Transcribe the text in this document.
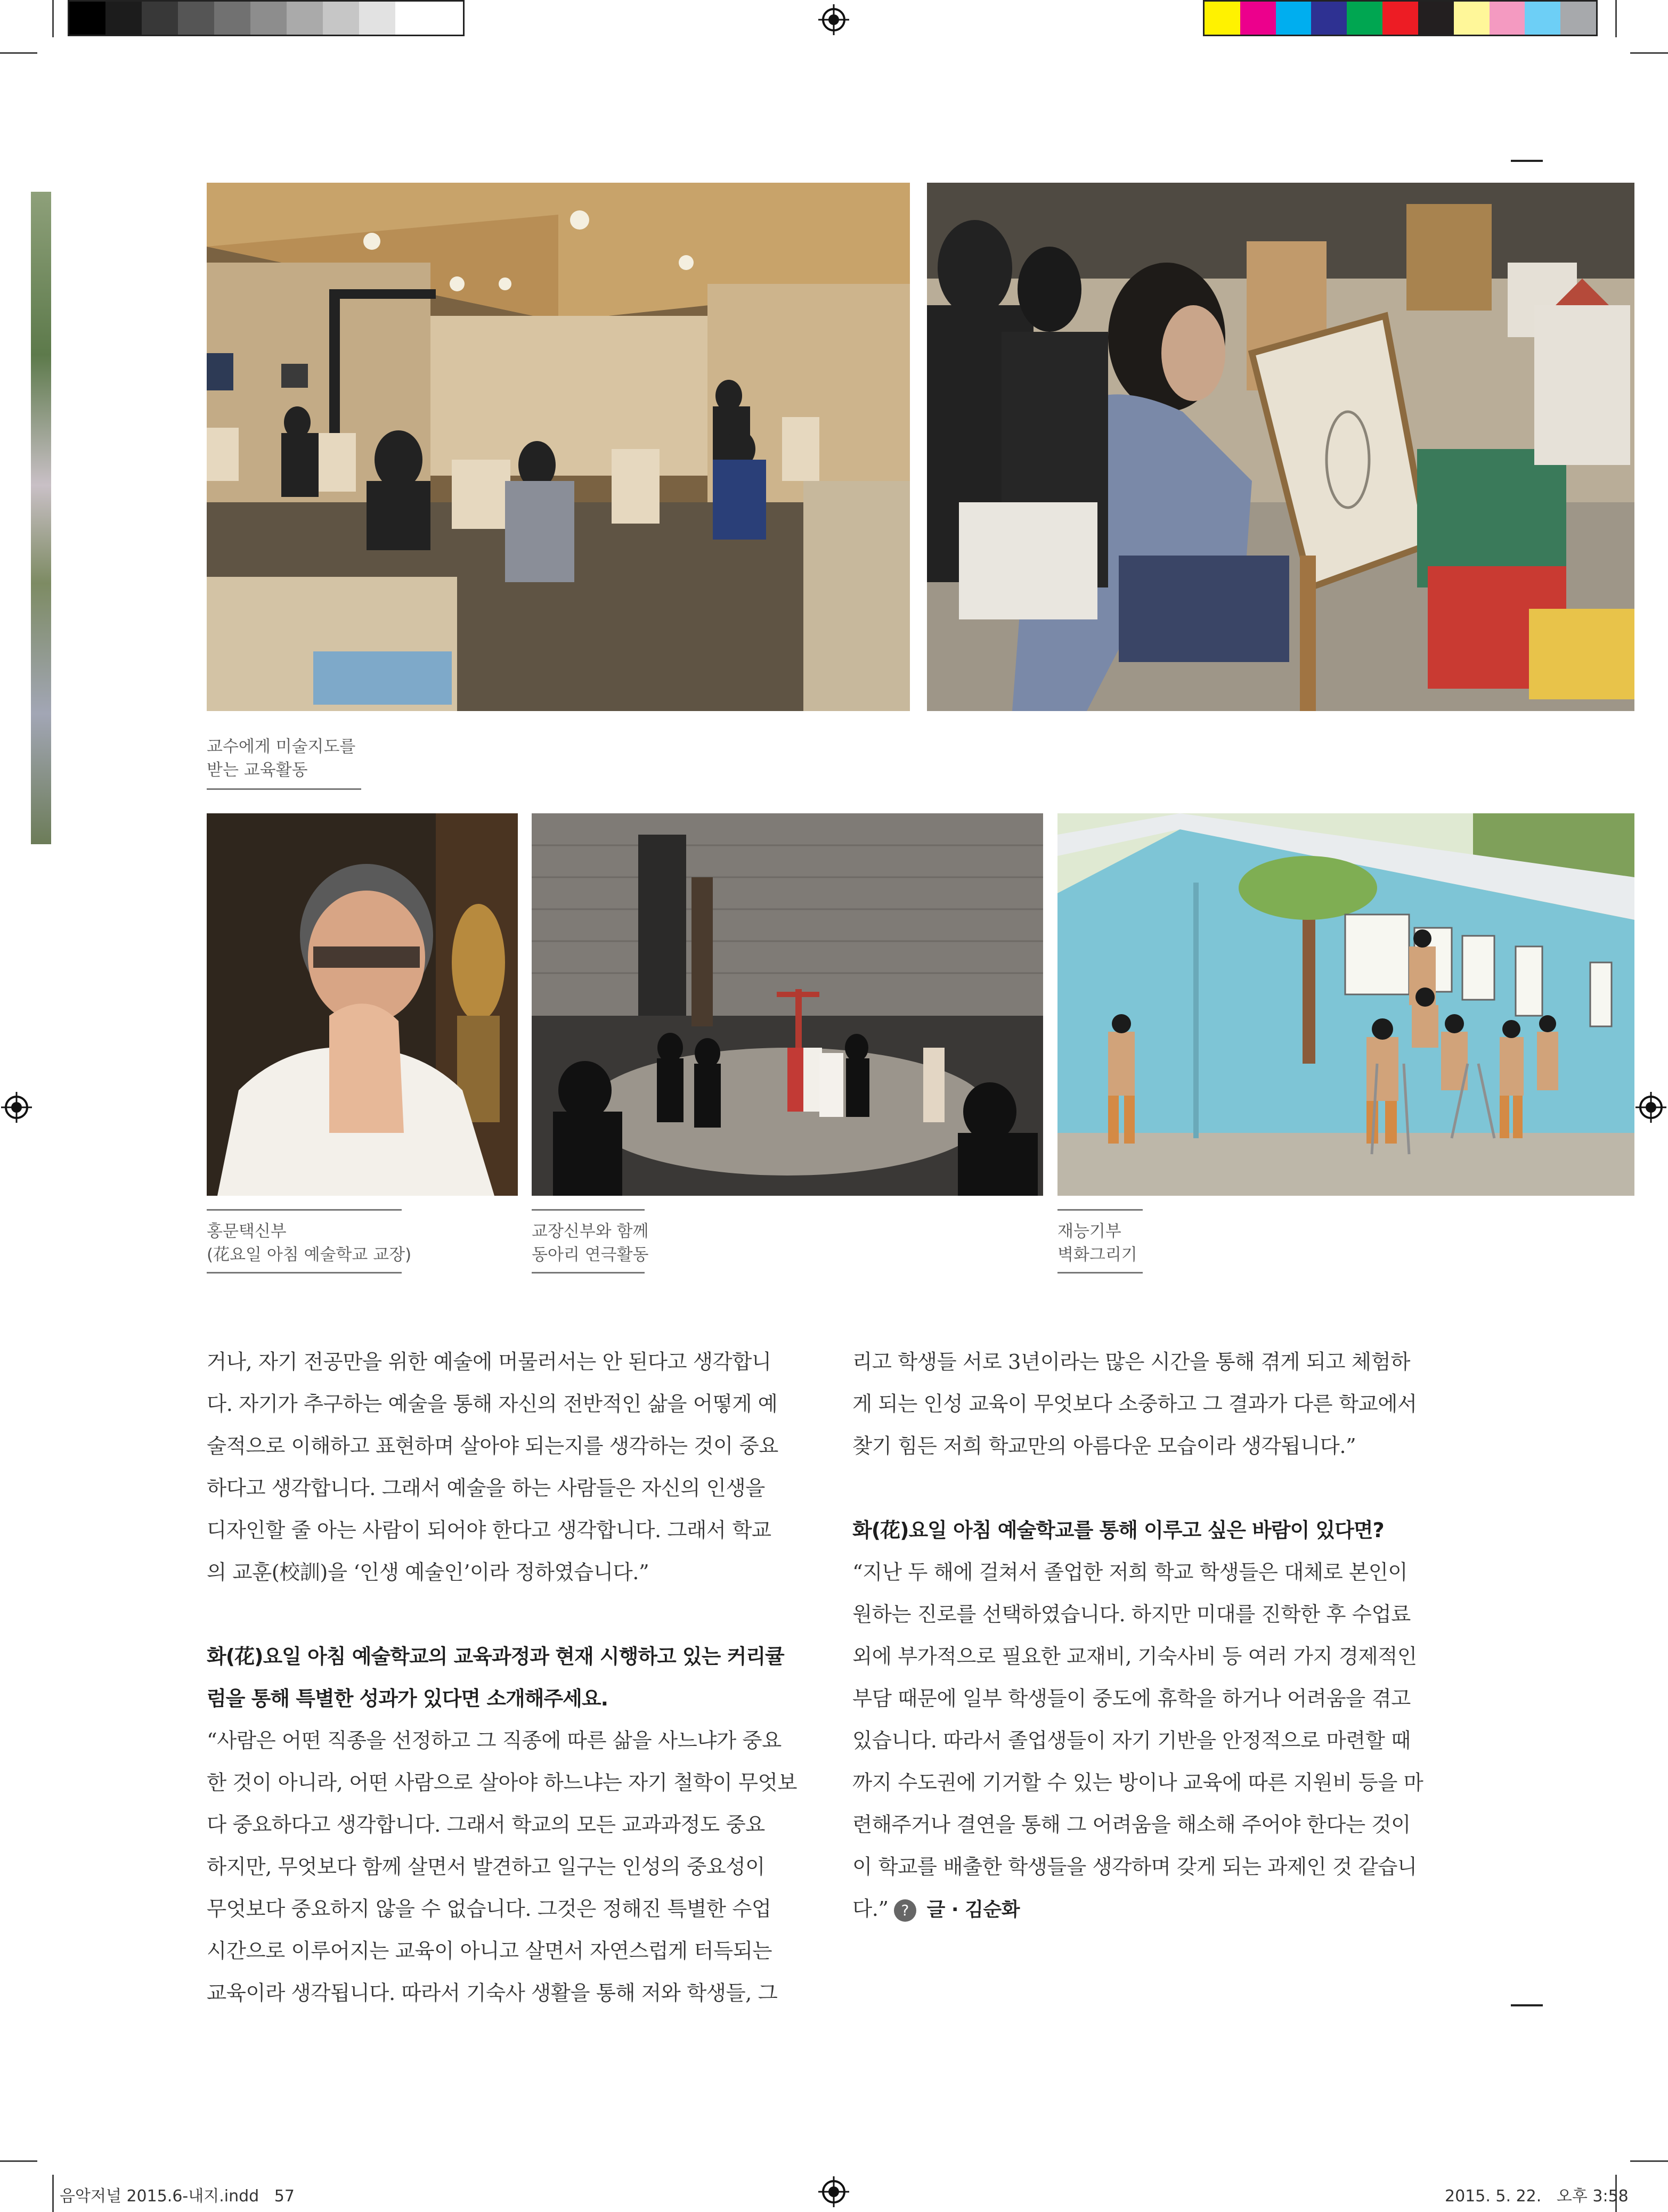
교수에게 미술지도를
받는 교육활동
홍문택신부
(花요일 아침 예술학교 교장)
교장신부와 함께
동아리 연극활동
재능기부
벽화그리기

거나, 자기 전공만을 위한 예술에 머물러서는 안 된다고 생각합니

다. 자기가 추구하는 예술을 통해 자신의 전반적인 삶을 어떻게 예

술적으로 이해하고 표현하며 살아야 되는지를 생각하는 것이 중요

하다고 생각합니다. 그래서 예술을 하는 사람들은 자신의 인생을

디자인할 줄 아는 사람이 되어야 한다고 생각합니다. 그래서 학교

의 교훈(校訓)을 ‘인생 예술인’이라 정하였습니다.”

화(花)요일 아침 예술학교의 교육과정과 현재 시행하고 있는 커리큘

럼을 통해 특별한 성과가 있다면 소개해주세요.

“사람은 어떤 직종을 선정하고 그 직종에 따른 삶을 사느냐가 중요

한 것이 아니라, 어떤 사람으로 살아야 하느냐는 자기 철학이 무엇보

다 중요하다고 생각합니다. 그래서 학교의 모든 교과과정도 중요

하지만, 무엇보다 함께 살면서 발견하고 일구는 인성의 중요성이

무엇보다 중요하지 않을 수 없습니다. 그것은 정해진 특별한 수업

시간으로 이루어지는 교육이 아니고 살면서 자연스럽게 터득되는

교육이라 생각됩니다. 따라서 기숙사 생활을 통해 저와 학생들, 그

리고 학생들 서로 3년이라는 많은 시간을 통해 겪게 되고 체험하

게 되는 인성 교육이 무엇보다 소중하고 그 결과가 다른 학교에서

찾기 힘든 저희 학교만의 아름다운 모습이라 생각됩니다.”

화(花)요일 아침 예술학교를 통해 이루고 싶은 바람이 있다면?

“지난 두 해에 걸쳐서 졸업한 저희 학교 학생들은 대체로 본인이

원하는 진로를 선택하였습니다. 하지만 미대를 진학한 후 수업료

외에 부가적으로 필요한 교재비, 기숙사비 등 여러 가지 경제적인

부담 때문에 일부 학생들이 중도에 휴학을 하거나 어려움을 겪고

있습니다. 따라서 졸업생들이 자기 기반을 안정적으로 마련할 때

까지 수도권에 기거할 수 있는 방이나 교육에 따른 지원비 등을 마

련해주거나 결연을 통해 그 어려움을 해소해 주어야 한다는 것이

이 학교를 배출한 학생들을 생각하며 갖게 되는 과제인 것 같습니

다.” ? 글 · 김순화

음악저널 2015.6-내지.indd   57	2015. 5. 22.   오후 3:58
